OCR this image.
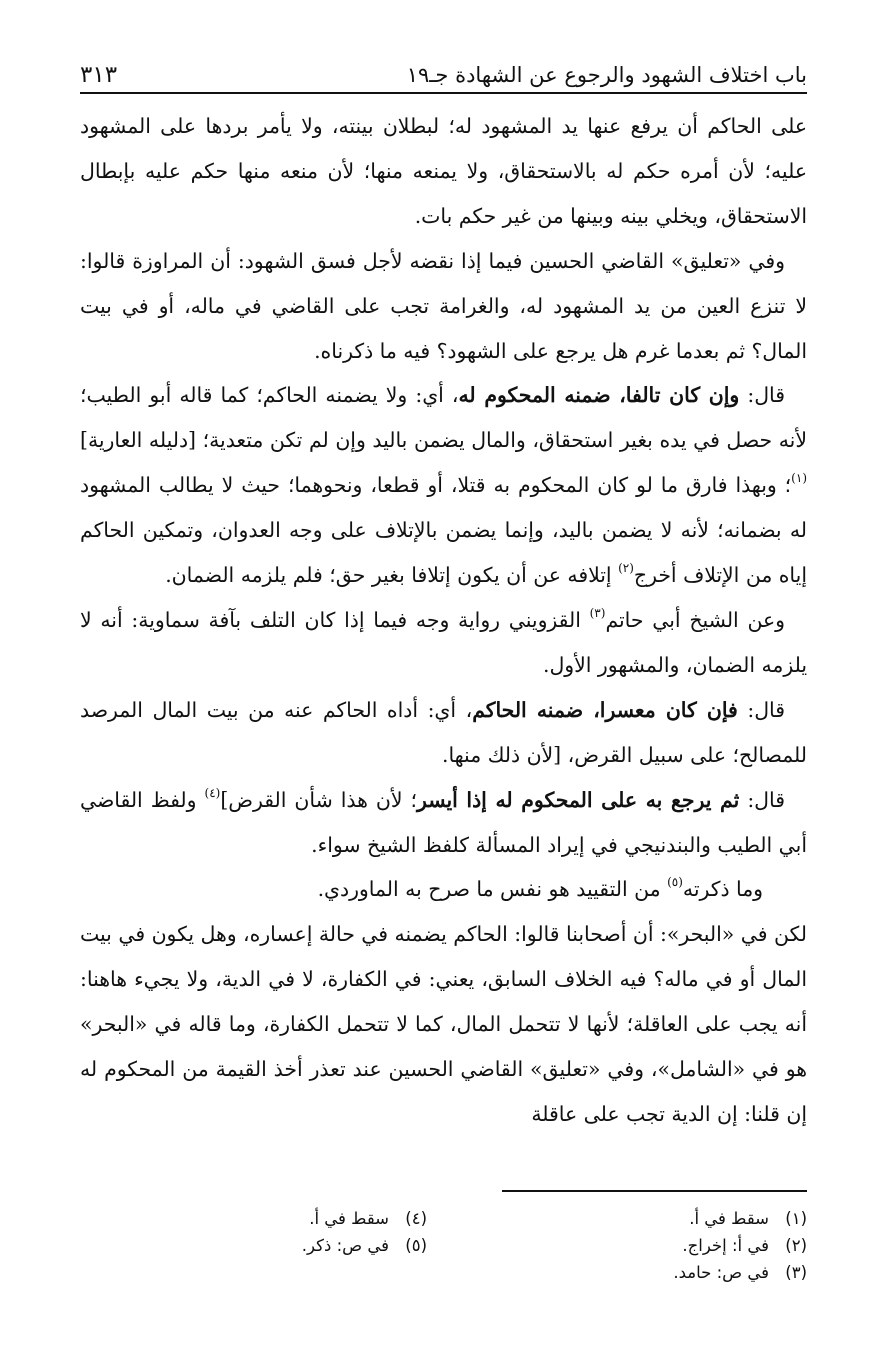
باب اختلاف الشهود والرجوع عن الشهادة جـ١٩
٣١٣

على الحاكم أن يرفع عنها يد المشهود له؛ لبطلان بينته، ولا يأمر بردها على المشهود عليه؛ لأن أمره حكم له بالاستحقاق، ولا يمنعه منها؛ لأن منعه منها حكم عليه بإبطال الاستحقاق، ويخلي بينه وبينها من غير حكم بات.

وفي «تعليق» القاضي الحسين فيما إذا نقضه لأجل فسق الشهود: أن المراوزة قالوا: لا تنزع العين من يد المشهود له، والغرامة تجب على القاضي في ماله، أو في بيت المال؟ ثم بعدما غرم هل يرجع على الشهود؟ فيه ما ذكرناه.

قال: وإن كان تالفا، ضمنه المحكوم له، أي: ولا يضمنه الحاكم؛ كما قاله أبو الطيب؛ لأنه حصل في يده بغير استحقاق، والمال يضمن باليد وإن لم تكن متعدية؛ [دليله العارية]$^{(١)}$؛ وبهذا فارق ما لو كان المحكوم به قتلا، أو قطعا، ونحوهما؛ حيث لا يطالب المشهود له بضمانه؛ لأنه لا يضمن باليد، وإنما يضمن بالإتلاف على وجه العدوان، وتمكين الحاكم إياه من الإتلاف أخرج$^{(٢)}$ إتلافه عن أن يكون إتلافا بغير حق؛ فلم يلزمه الضمان.

وعن الشيخ أبي حاتم$^{(٣)}$ القزويني رواية وجه فيما إذا كان التلف بآفة سماوية: أنه لا يلزمه الضمان، والمشهور الأول.

قال: فإن كان معسرا، ضمنه الحاكم، أي: أداه الحاكم عنه من بيت المال المرصد للمصالح؛ على سبيل القرض، [لأن ذلك منها.

قال: ثم يرجع به على المحكوم له إذا أيسر؛ لأن هذا شأن القرض]$^{(٤)}$ ولفظ القاضي أبي الطيب والبندنيجي في إيراد المسألة كلفظ الشيخ سواء.

وما ذكرته$^{(٥)}$ من التقييد هو نفس ما صرح به الماوردي.

لكن في «البحر»: أن أصحابنا قالوا: الحاكم يضمنه في حالة إعساره، وهل يكون في بيت المال أو في ماله؟ فيه الخلاف السابق، يعني: في الكفارة، لا في الدية، ولا يجيء هاهنا: أنه يجب على العاقلة؛ لأنها لا تتحمل المال، كما لا تتحمل الكفارة، وما قاله في «البحر» هو في «الشامل»، وفي «تعليق» القاضي الحسين عند تعذر أخذ القيمة من المحكوم له إن قلنا: إن الدية تجب على عاقلة

(١)سقط في أ.
(٢)في أ: إخراج.
(٣)في ص: حامد.
(٤)سقط في أ.
(٥)في ص: ذكر.
